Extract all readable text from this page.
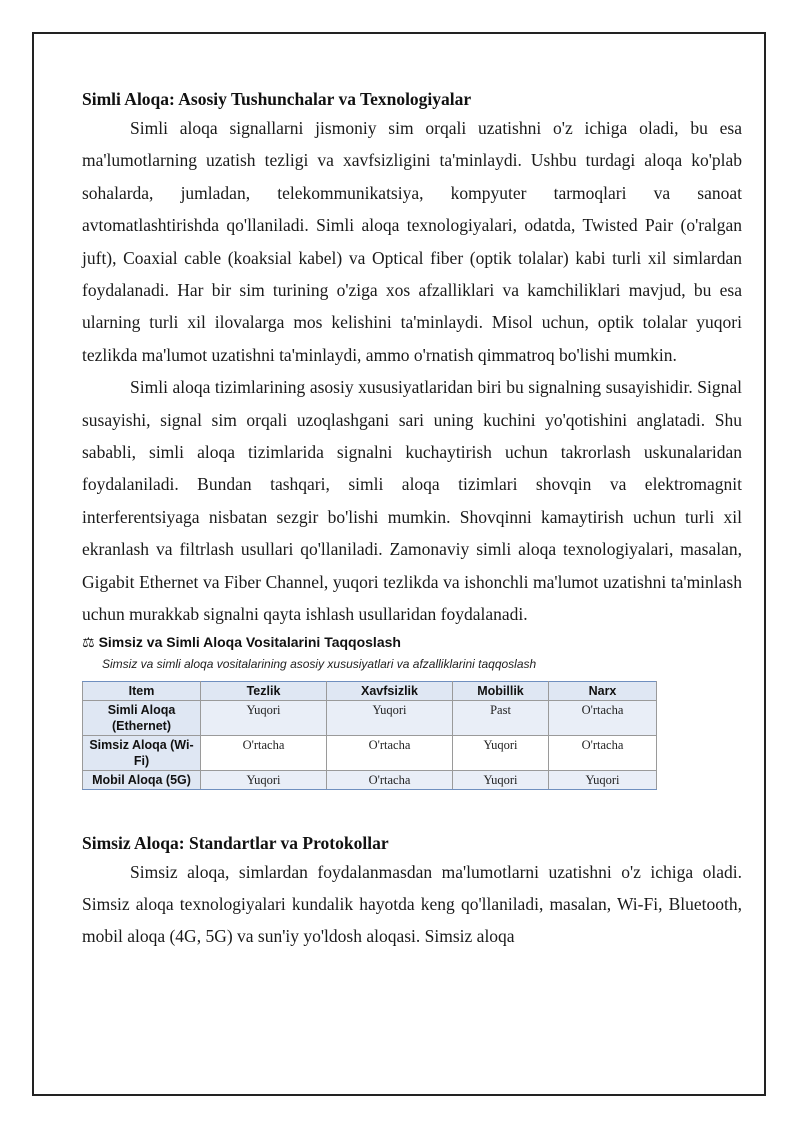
Simli Aloqa: Asosiy Tushunchalar va Texnologiyalar

Simli aloqa signallarni jismoniy sim orqali uzatishni o'z ichiga oladi, bu esa ma'lumotlarning uzatish tezligi va xavfsizligini ta'minlaydi. Ushbu turdagi aloqa ko'plab sohalarda, jumladan, telekommunikatsiya, kompyuter tarmoqlari va sanoat avtomatlashtirishda qo'llaniladi. Simli aloqa texnologiyalari, odatda, Twisted Pair (o'ralgan juft), Coaxial cable (koaksial kabel) va Optical fiber (optik tolalar) kabi turli xil simlardan foydalanadi. Har bir sim turining o'ziga xos afzalliklari va kamchiliklari mavjud, bu esa ularning turli xil ilovalarga mos kelishini ta'minlaydi. Misol uchun, optik tolalar yuqori tezlikda ma'lumot uzatishni ta'minlaydi, ammo o'rnatish qimmatroq bo'lishi mumkin.

Simli aloqa tizimlarining asosiy xususiyatlaridan biri bu signalning susayishidir. Signal susayishi, signal sim orqali uzoqlashgani sari uning kuchini yo'qotishini anglatadi. Shu sababli, simli aloqa tizimlarida signalni kuchaytirish uchun takrorlash uskunalaridan foydalaniladi. Bundan tashqari, simli aloqa tizimlari shovqin va elektromagnit interferentsiyaga nisbatan sezgir bo'lishi mumkin. Shovqinni kamaytirish uchun turli xil ekranlash va filtrlash usullari qo'llaniladi. Zamonaviy simli aloqa texnologiyalari, masalan, Gigabit Ethernet va Fiber Channel, yuqori tezlikda va ishonchli ma'lumot uzatishni ta'minlash uchun murakkab signalni qayta ishlash usullaridan foydalanadi.

⚖ Simsiz va Simli Aloqa Vositalarini Taqqoslash
Simsiz va simli aloqa vositalarining asosiy xususiyatlari va afzalliklarini taqqoslash
Item	Tezlik	Xavfsizlik	Mobillik	Narx
Simli Aloqa (Ethernet)	Yuqori	Yuqori	Past	O'rtacha
Simsiz Aloqa (Wi-Fi)	O'rtacha	O'rtacha	Yuqori	O'rtacha
Mobil Aloqa (5G)	Yuqori	O'rtacha	Yuqori	Yuqori
Simsiz Aloqa: Standartlar va Protokollar

Simsiz aloqa, simlardan foydalanmasdan ma'lumotlarni uzatishni o'z ichiga oladi. Simsiz aloqa texnologiyalari kundalik hayotda keng qo'llaniladi, masalan, Wi-Fi, Bluetooth, mobil aloqa (4G, 5G) va sun'iy yo'ldosh aloqasi. Simsiz aloqa
